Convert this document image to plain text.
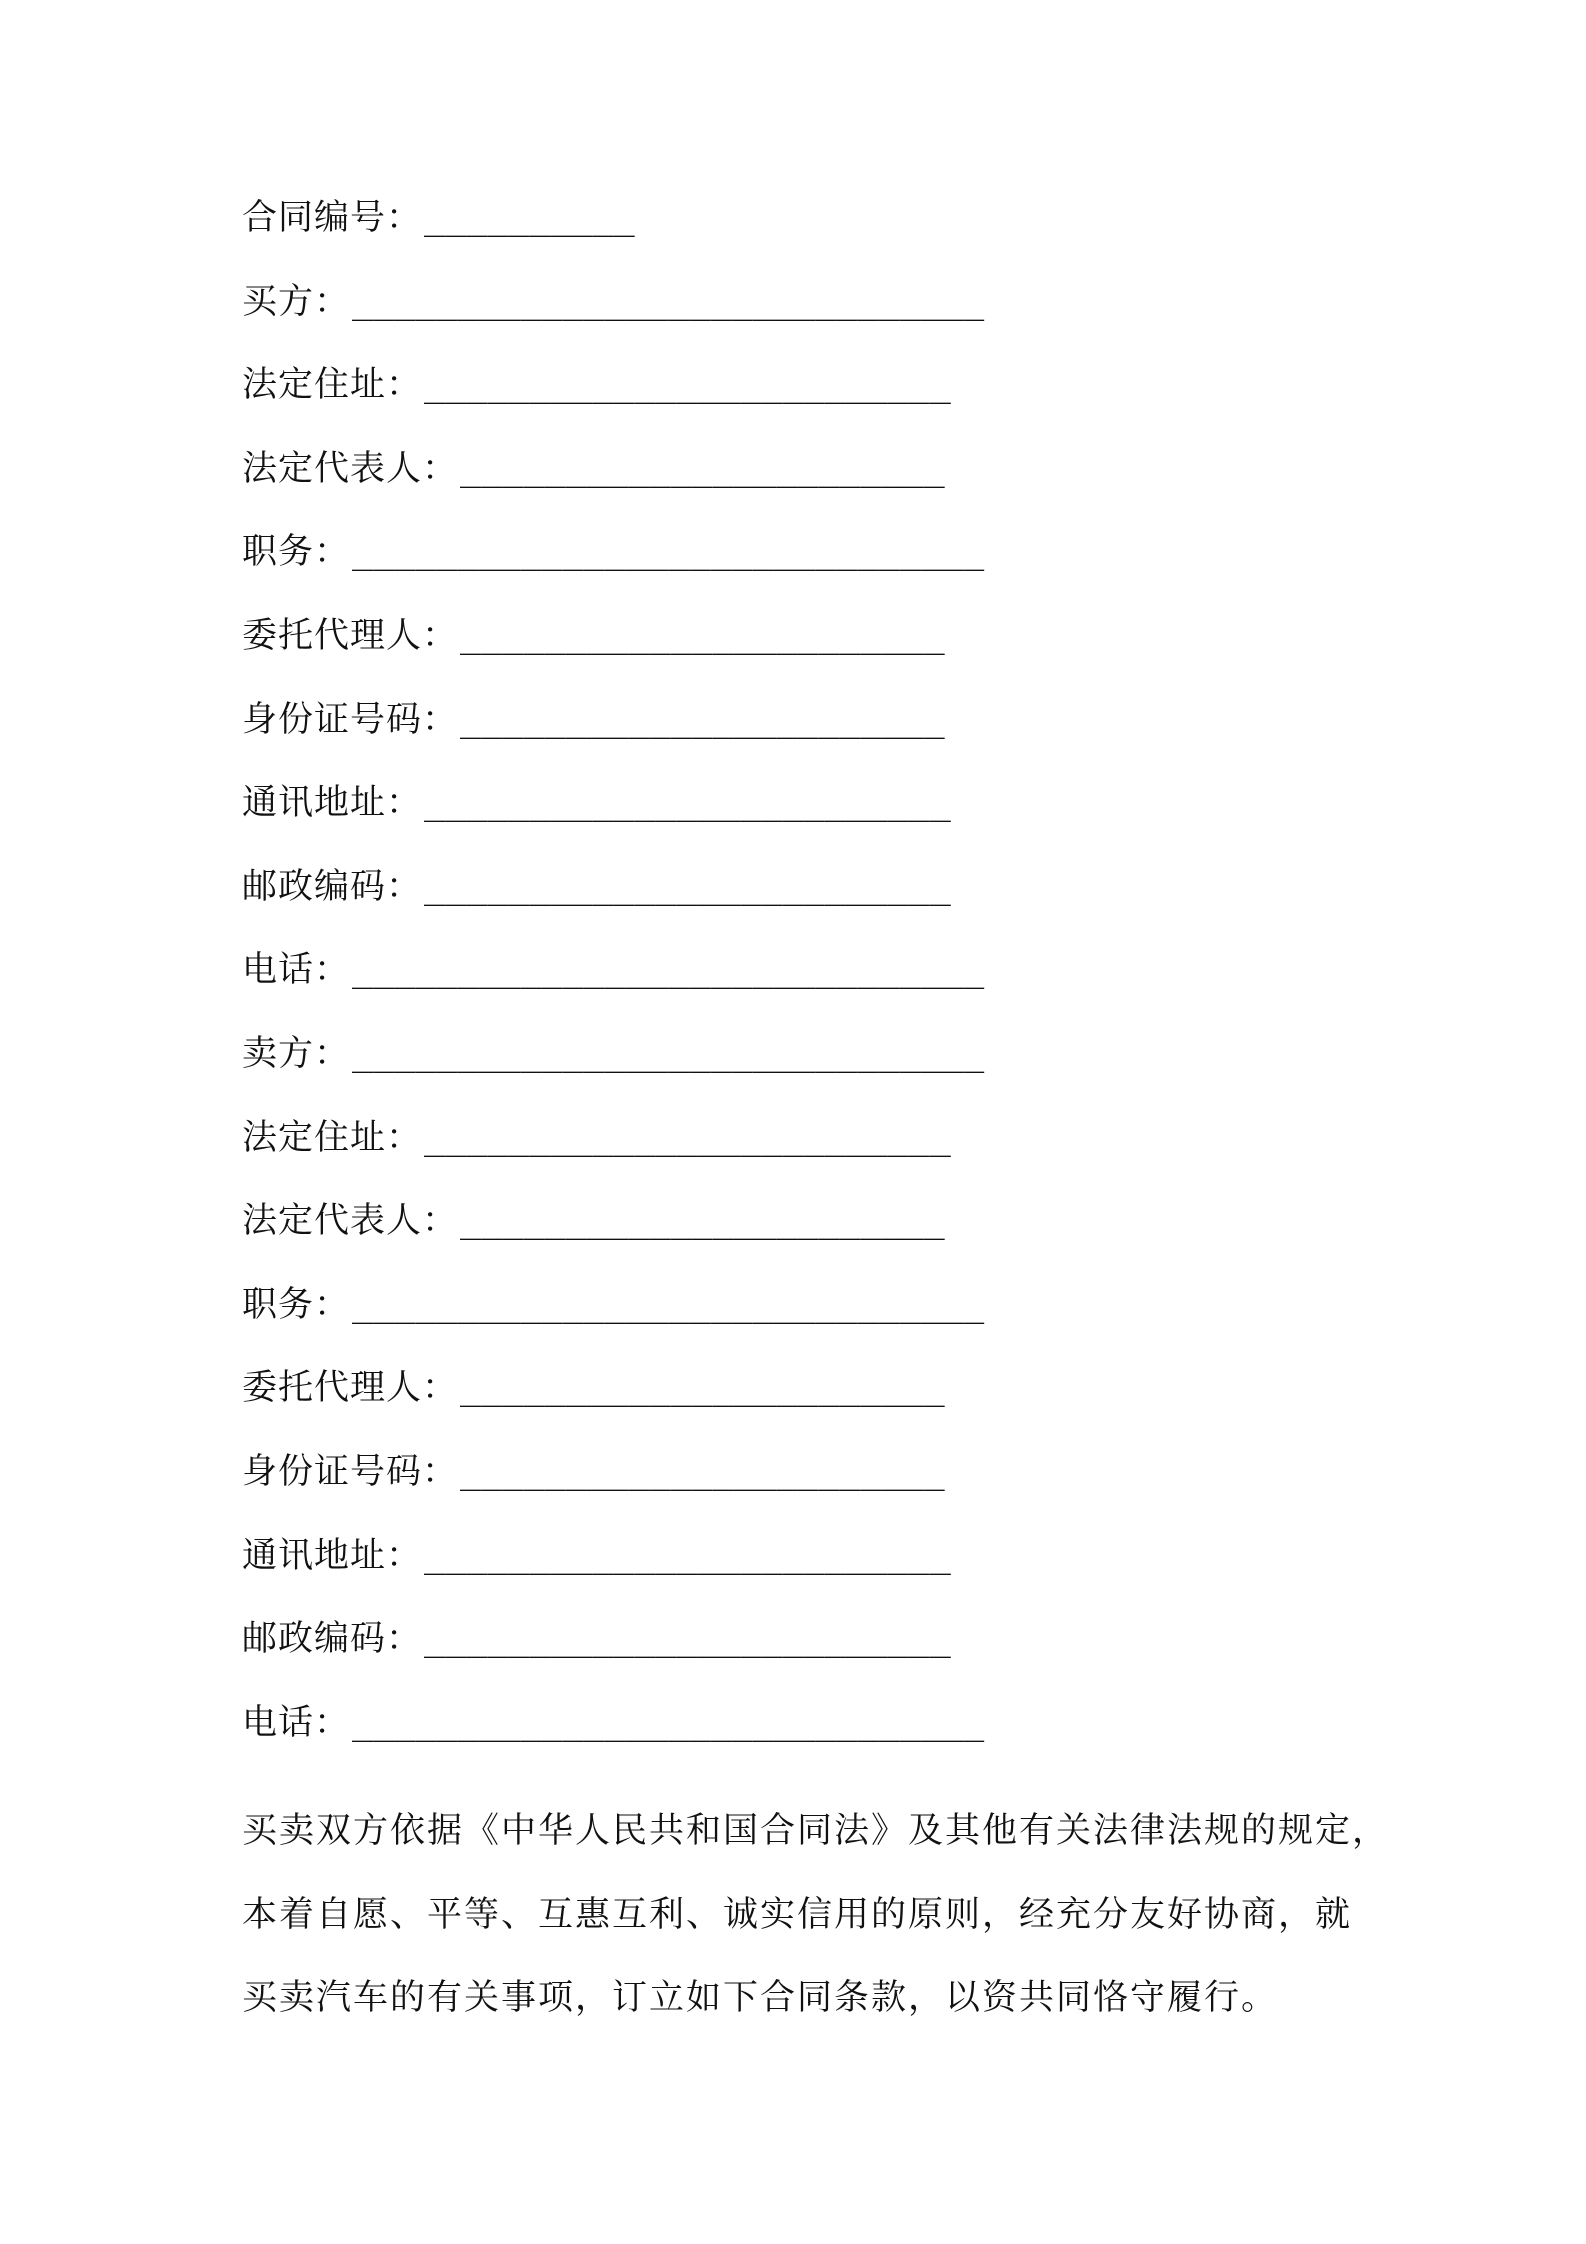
合同编号： __________
买方： ______________________________
法定住址： _________________________
法定代表人： _______________________
职务： ______________________________
委托代理人： _______________________
身份证号码： _______________________
通讯地址： _________________________
邮政编码： _________________________
电话： ______________________________
卖方： ______________________________
法定住址： _________________________
法定代表人： _______________________
职务： ______________________________
委托代理人： _______________________
身份证号码： _______________________
通讯地址： _________________________
邮政编码： _________________________
电话： ______________________________
买卖双方依据《中华人民共和国合同法》及其他有关法律法规的规定，
本着自愿、平等、互惠互利、诚实信用的原则，经充分友好协商，就
买卖汽车的有关事项，订立如下合同条款，以资共同恪守履行。
